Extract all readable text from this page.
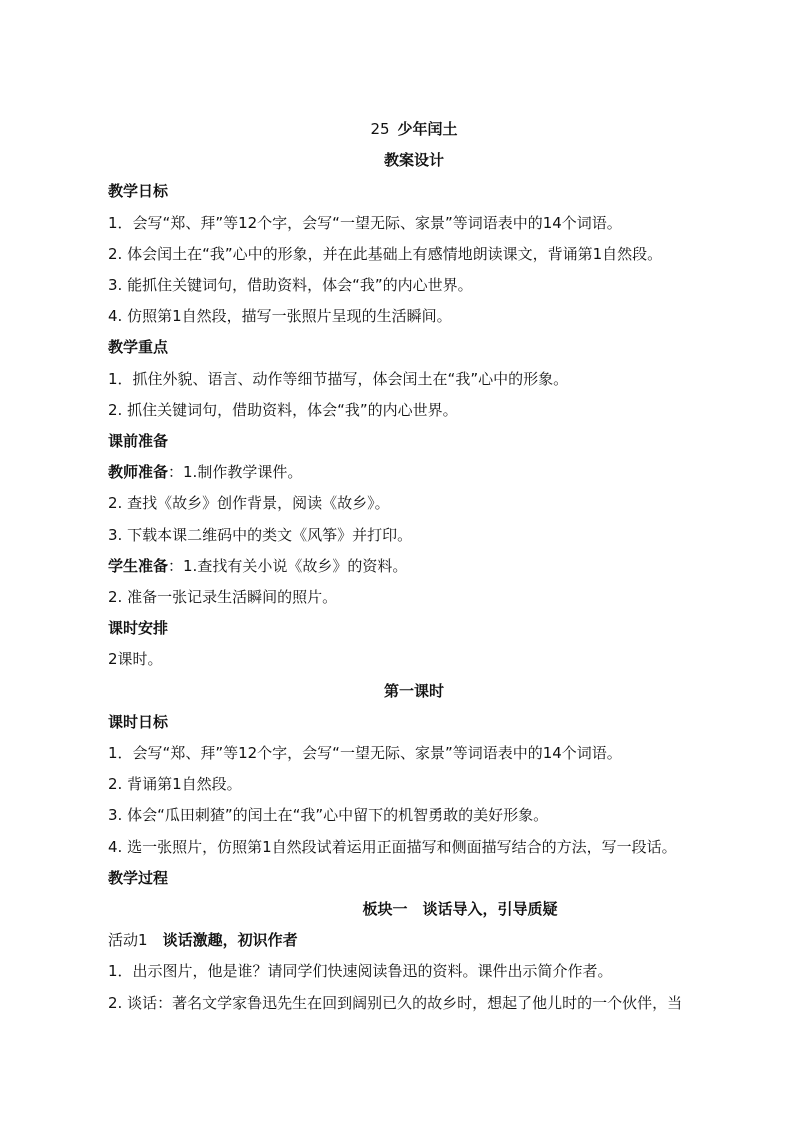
25 少年闰土

教案设计

教学日标

1．会写“郑、拜”等12个字，会写“一望无际、家景”等词语表中的14个词语。

2. 体会闰土在“我”心中的形象，并在此基础上有感情地朗读课文，背诵第1自然段。

3. 能抓住关键词句，借助资料，体会“我”的内心世界。

4. 仿照第1自然段，描写一张照片呈现的生活瞬间。

教学重点

1．抓住外貌、语言、动作等细节描写，体会闰土在“我”心中的形象。

2. 抓住关键词句，借助资料，体会“我”的内心世界。

课前准备

教师准备：1.制作教学课件。

2. 查找《故乡》创作背景，阅读《故乡》。

3. 下载本课二维码中的类文《风筝》并打印。

学生准备：1.查找有关小说《故乡》的资料。

2. 准备一张记录生活瞬间的照片。

课时安排

2课时。

第一课时

课时日标

1．会写“郑、拜”等12个字，会写“一望无际、家景”等词语表中的14个词语。

2. 背诵第1自然段。

3. 体会“瓜田刺猹”的闰土在“我”心中留下的机智勇敢的美好形象。

4. 选一张照片，仿照第1自然段试着运用正面描写和侧面描写结合的方法，写一段话。

教学过程

板块一　谈话导入，引导质疑

活动1　 谈话激趣，初识作者

1．出示图片，他是谁？请同学们快速阅读鲁迅的资料。课件出示简介作者。

2. 谈话：著名文学家鲁迅先生在回到阔别已久的故乡时，想起了他儿时的一个伙伴，当
